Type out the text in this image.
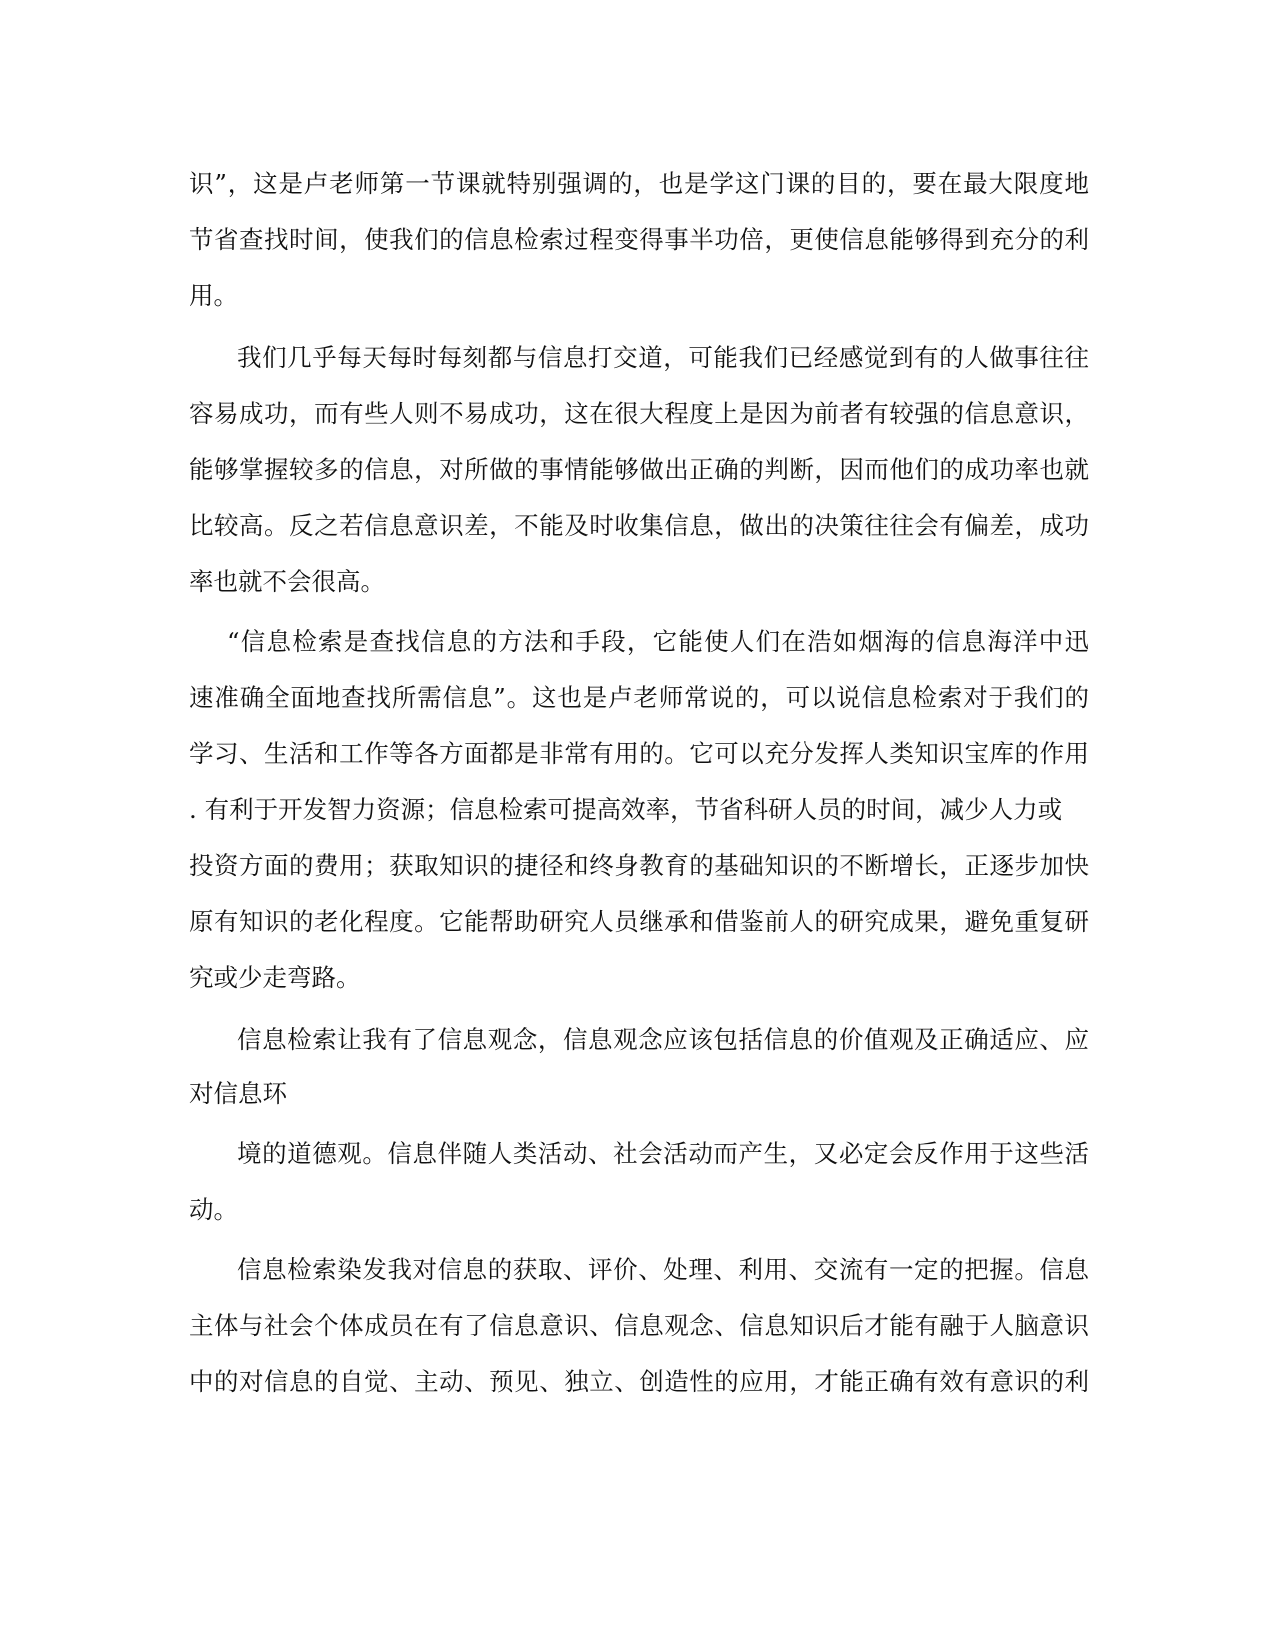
识”，这是卢老师第一节课就特别强调的，也是学这门课的目的，要在最大限度地
节省查找时间，使我们的信息检索过程变得事半功倍，更使信息能够得到充分的利
用。
我们几乎每天每时每刻都与信息打交道，可能我们已经感觉到有的人做事往往
容易成功，而有些人则不易成功，这在很大程度上是因为前者有较强的信息意识，
能够掌握较多的信息，对所做的事情能够做出正确的判断，因而他们的成功率也就
比较高。反之若信息意识差，不能及时收集信息，做出的决策往往会有偏差，成功
率也就不会很高。
“信息检索是查找信息的方法和手段，它能使人们在浩如烟海的信息海洋中迅
速准确全面地查找所需信息”。这也是卢老师常说的，可以说信息检索对于我们的
学习、生活和工作等各方面都是非常有用的。它可以充分发挥人类知识宝库的作用
. 有利于开发智力资源；信息检索可提高效率，节省科研人员的时间，减少人力或
投资方面的费用；获取知识的捷径和终身教育的基础知识的不断增长，正逐步加快
原有知识的老化程度。它能帮助研究人员继承和借鉴前人的研究成果，避免重复研
究或少走弯路。
信息检索让我有了信息观念，信息观念应该包括信息的价值观及正确适应、应
对信息环
境的道德观。信息伴随人类活动、社会活动而产生，又必定会反作用于这些活
动。
信息检索染发我对信息的获取、评价、处理、利用、交流有一定的把握。信息
主体与社会个体成员在有了信息意识、信息观念、信息知识后才能有融于人脑意识
中的对信息的自觉、主动、预见、独立、创造性的应用，才能正确有效有意识的利
